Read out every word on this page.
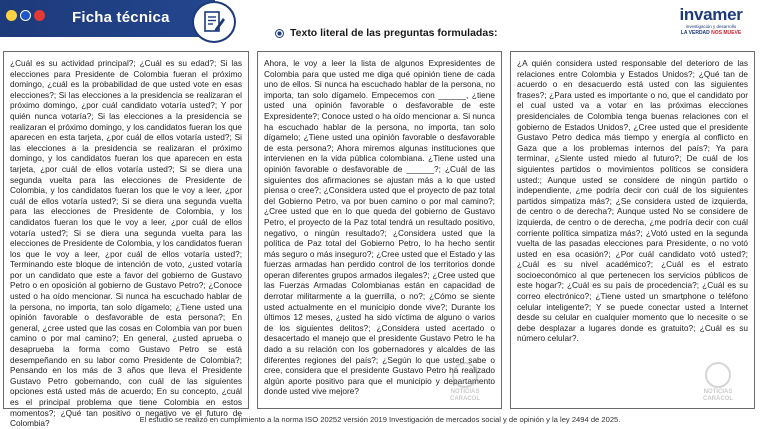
Ficha técnica	invamer
investigación y desarrollo
LA VERDAD NOS MUEVE
Texto literal de las preguntas formuladas:

¿Cuál es su actividad principal?; ¿Cuál es su edad?; Si las elecciones para Presidente de Colombia fueran el próximo domingo, ¿cuál es la probabilidad de que usted vote en esas elecciones?; Si las elecciones a la presidencia se realizaran el próximo domingo, ¿por cuál candidato votaría usted?; Y por quién nunca votaría?; Si las elecciones a la presidencia se realizaran el próximo domingo, y los candidatos fueran los que aparecen en esta tarjeta, ¿por cuál de ellos votaría usted?; Si las elecciones a la presidencia se realizaran el próximo domingo, y los candidatos fueran los que aparecen en esta tarjeta, ¿por cuál de ellos votaría usted?; Si se diera una segunda vuelta para las elecciones de Presidente de Colombia, y los candidatos fueran los que le voy a leer, ¿por cuál de ellos votaría usted?; Si se diera una segunda vuelta para las elecciones de Presidente de Colombia, y los candidatos fueran los que le voy a leer, ¿por cuál de ellos votaría usted?; Si se diera una segunda vuelta para las elecciones de Presidente de Colombia, y los candidatos fueran los que le voy a leer, ¿por cuál de ellos votaría usted?; Terminando este bloque de intención de voto, ¿usted votaría por un candidato que este a favor del gobierno de Gustavo Petro o en oposición al gobierno de Gustavo Petro?; ¿Conoce usted o ha oído mencionar. Si nunca ha escuchado hablar de la persona, no importa, tan solo dígamelo; ¿Tiene usted una opinión favorable o desfavorable de esta persona?; En general, ¿cree usted que las cosas en Colombia van por buen camino o por mal camino?; En general, ¿usted aprueba o desaprueba la forma como Gustavo Petro se está desempeñando en su labor como Presidente de Colombia?; Pensando en los más de 3 años que lleva el Presidente Gustavo Petro gobernando, con cuál de las siguientes opciones está usted más de acuerdo; En su concepto, ¿cuál es el principal problema que tiene Colombia en estos momentos?; ¿Qué tan positivo o negativo ve el futuro de Colombia?

Ahora, le voy a leer la lista de algunos Expresidentes de Colombia para que usted me diga qué opinión tiene de cada uno de ellos. Si nunca ha escuchado hablar de la persona, no importa, tan solo dígamelo. Empecemos con ______, ¿tiene usted una opinión favorable o desfavorable de este Expresidente?; Conoce usted o ha oído mencionar a. Si nunca ha escuchado hablar de la persona, no importa, tan solo dígamelo; ¿Tiene usted una opinión favorable o desfavorable de esta persona?; Ahora miremos algunas instituciones que intervienen en la vida pública colombiana. ¿Tiene usted una opinión favorable o desfavorable de ______?; ¿Cuál de las siguientes dos afirmaciones se ajustan más a lo que usted piensa o cree?; ¿Considera usted que el proyecto de paz total del Gobierno Petro, va por buen camino o por mal camino?; ¿Cree usted que en lo que queda del gobierno de Gustavo Petro, el proyecto de la Paz total tendrá un resultado positivo, negativo, o ningún resultado?; ¿Considera usted que la política de Paz total del Gobierno Petro, lo ha hecho sentir más seguro o más inseguro?; ¿Cree usted que el Estado y las fuerzas armadas han perdido control de los territorios donde operan diferentes grupos armados ilegales?; ¿Cree usted que las Fuerzas Armadas Colombianas están en capacidad de derrotar militarmente a la guerrilla, o no?; ¿Cómo se siente usted actualmente en el municipio donde vive?; Durante los últimos 12 meses, ¿usted ha sido víctima de alguno o varios de los siguientes delitos?; ¿Considera usted acertado o desacertado el manejo que el presidente Gustavo Petro le ha dado a su relación con los gobernadores y alcaldes de las diferentes regiones del país?; ¿Según lo que usted sabe o cree, considera que el presidente Gustavo Petro ha realizado algún aporte positivo para que el municipio y departamento donde usted vive mejore?	NOTICIAS
CARACOL

¿A quién considera usted responsable del deterioro de las relaciones entre Colombia y Estados Unidos?; ¿Qué tan de acuerdo o en desacuerdo está usted con las siguientes frases?; ¿Para usted es importante o no, que el candidato por el cual usted va a votar en las próximas elecciones presidenciales de Colombia tenga buenas relaciones con el gobierno de Estados Unidos?, ¿Cree usted que el presidente Gustavo Petro dedica más tiempo y energía al conflicto en Gaza que a los problemas internos del país?; Ya para terminar, ¿Siente usted miedo al futuro?; De cuál de los siguientes partidos o movimientos políticos se considera usted:; Aunque usted se considere de ningún partido o independiente, ¿me podría decir con cuál de los siguientes partidos simpatiza más?; ¿Se considera usted de izquierda, de centro o de derecha?; Aunque usted No se considere de izquierda, de centro o de derecha, ¿me podría decir con cuál corriente política simpatiza más?; ¿Votó usted en la segunda vuelta de las pasadas elecciones para Presidente, o no votó usted en esa ocasión?; ¿Por cuál candidato votó usted?; ¿Cuál es su nivel académico?; ¿Cuál es el estrato socioeconómico al que pertenecen los servicios públicos de este hogar?; ¿Cuál es su país de procedencia?; ¿Cuál es su correo electrónico?; ¿Tiene usted un smartphone o teléfono celular inteligente?; Y se puede conectar usted a Internet desde su celular en cualquier momento que lo necesite o se debe desplazar a lugares donde es gratuito?; ¿Cuál es su número celular?.

NOTICIAS
CARACOL
El estudio se realizó en cumplimiento a la norma ISO 20252 versión 2019 Investigación de mercados social y de opinión y la ley 2494 de 2025.
